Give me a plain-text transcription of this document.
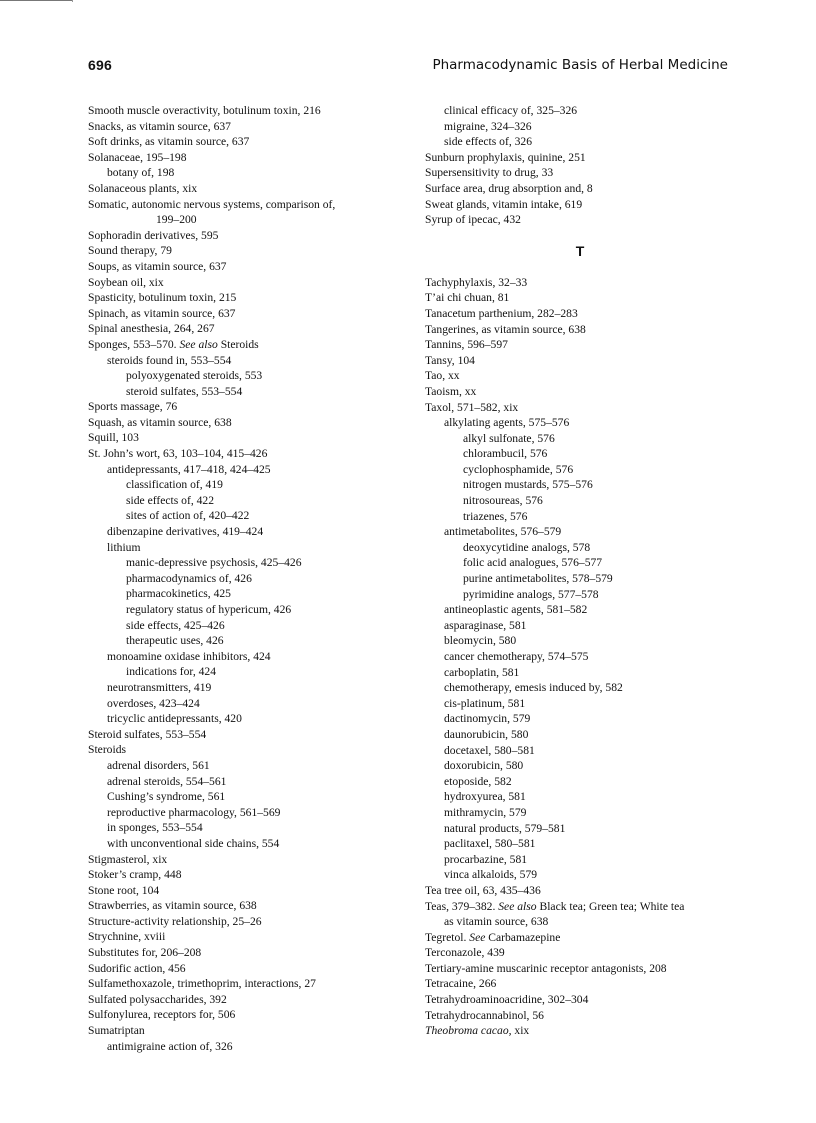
696	Pharmacodynamic Basis of Herbal Medicine
Smooth muscle overactivity, botulinum toxin, 216
Snacks, as vitamin source, 637
Soft drinks, as vitamin source, 637
Solanaceae, 195–198
botany of, 198
Solanaceous plants, xix
Somatic, autonomic nervous systems, comparison of,
199–200
Sophoradin derivatives, 595
Sound therapy, 79
Soups, as vitamin source, 637
Soybean oil, xix
Spasticity, botulinum toxin, 215
Spinach, as vitamin source, 637
Spinal anesthesia, 264, 267
Sponges, 553–570. See also Steroids
steroids found in, 553–554
polyoxygenated steroids, 553
steroid sulfates, 553–554
Sports massage, 76
Squash, as vitamin source, 638
Squill, 103
St. John’s wort, 63, 103–104, 415–426
antidepressants, 417–418, 424–425
classification of, 419
side effects of, 422
sites of action of, 420–422
dibenzapine derivatives, 419–424
lithium
manic-depressive psychosis, 425–426
pharmacodynamics of, 426
pharmacokinetics, 425
regulatory status of hypericum, 426
side effects, 425–426
therapeutic uses, 426
monoamine oxidase inhibitors, 424
indications for, 424
neurotransmitters, 419
overdoses, 423–424
tricyclic antidepressants, 420
Steroid sulfates, 553–554
Steroids
adrenal disorders, 561
adrenal steroids, 554–561
Cushing’s syndrome, 561
reproductive pharmacology, 561–569
in sponges, 553–554
with unconventional side chains, 554
Stigmasterol, xix
Stoker’s cramp, 448
Stone root, 104
Strawberries, as vitamin source, 638
Structure-activity relationship, 25–26
Strychnine, xviii
Substitutes for, 206–208
Sudorific action, 456
Sulfamethoxazole, trimethoprim, interactions, 27
Sulfated polysaccharides, 392
Sulfonylurea, receptors for, 506
Sumatriptan
antimigraine action of, 326
clinical efficacy of, 325–326
migraine, 324–326
side effects of, 326
Sunburn prophylaxis, quinine, 251
Supersensitivity to drug, 33
Surface area, drug absorption and, 8
Sweat glands, vitamin intake, 619
Syrup of ipecac, 432
T
Tachyphylaxis, 32–33
T’ai chi chuan, 81
Tanacetum parthenium, 282–283
Tangerines, as vitamin source, 638
Tannins, 596–597
Tansy, 104
Tao, xx
Taoism, xx
Taxol, 571–582, xix
alkylating agents, 575–576
alkyl sulfonate, 576
chlorambucil, 576
cyclophosphamide, 576
nitrogen mustards, 575–576
nitrosoureas, 576
triazenes, 576
antimetabolites, 576–579
deoxycytidine analogs, 578
folic acid analogues, 576–577
purine antimetabolites, 578–579
pyrimidine analogs, 577–578
antineoplastic agents, 581–582
asparaginase, 581
bleomycin, 580
cancer chemotherapy, 574–575
carboplatin, 581
chemotherapy, emesis induced by, 582
cis-platinum, 581
dactinomycin, 579
daunorubicin, 580
docetaxel, 580–581
doxorubicin, 580
etoposide, 582
hydroxyurea, 581
mithramycin, 579
natural products, 579–581
paclitaxel, 580–581
procarbazine, 581
vinca alkaloids, 579
Tea tree oil, 63, 435–436
Teas, 379–382. See also Black tea; Green tea; White tea
as vitamin source, 638
Tegretol. See Carbamazepine
Terconazole, 439
Tertiary-amine muscarinic receptor antagonists, 208
Tetracaine, 266
Tetrahydroaminoacridine, 302–304
Tetrahydrocannabinol, 56
Theobroma cacao, xix
